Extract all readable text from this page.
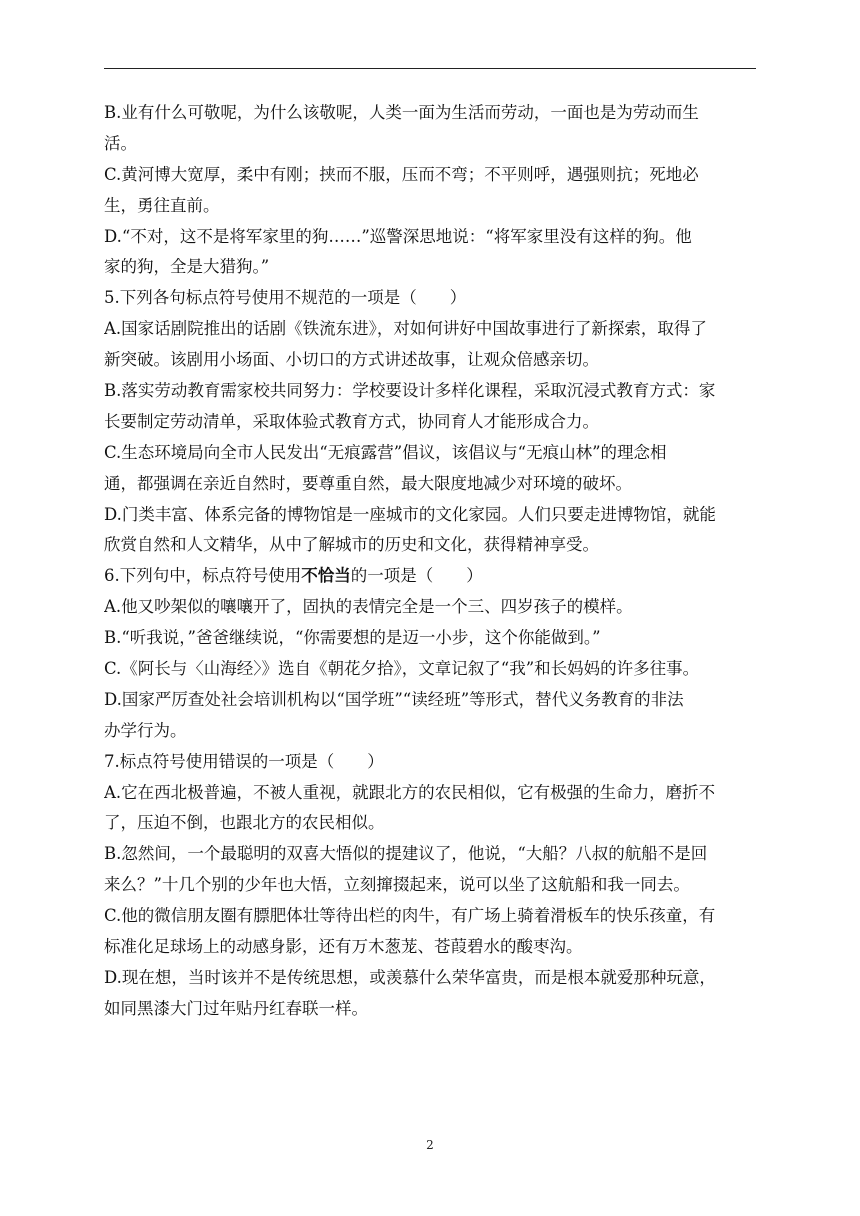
B.业有什么可敬呢，为什么该敬呢，人类一面为生活而劳动，一面也是为劳动而生
活。
C.黄河博大宽厚，柔中有刚；挟而不服，压而不弯；不平则呼，遇强则抗；死地必
生，勇往直前。
D.“不对，这不是将军家里的狗……”巡警深思地说：“将军家里没有这样的狗。他
家的狗，全是大猎狗。”
5.下列各句标点符号使用不规范的一项是（　　）
A.国家话剧院推出的话剧《铁流东进》，对如何讲好中国故事进行了新探索，取得了
新突破。该剧用小场面、小切口的方式讲述故事，让观众倍感亲切。
B.落实劳动教育需家校共同努力：学校要设计多样化课程，采取沉浸式教育方式：家
长要制定劳动清单，采取体验式教育方式，协同育人才能形成合力。
C.生态环境局向全市人民发出“无痕露营”倡议，该倡议与“无痕山林”的理念相
通，都强调在亲近自然时，要尊重自然，最大限度地减少对环境的破坏。
D.门类丰富、体系完备的博物馆是一座城市的文化家园。人们只要走进博物馆，就能
欣赏自然和人文精华，从中了解城市的历史和文化，获得精神享受。
6.下列句中，标点符号使用不恰当的一项是（　　）
A.他又吵架似的嚷嚷开了，固执的表情完全是一个三、四岁孩子的模样。
B.“听我说，”爸爸继续说，“你需要想的是迈一小步，这个你能做到。”
C.《阿长与〈山海经〉》选自《朝花夕拾》，文章记叙了“我”和长妈妈的许多往事。
D.国家严厉查处社会培训机构以“国学班”“读经班”等形式，替代义务教育的非法
办学行为。
7.标点符号使用错误的一项是（　　）
A.它在西北极普遍，不被人重视，就跟北方的农民相似，它有极强的生命力，磨折不
了，压迫不倒，也跟北方的农民相似。
B.忽然间，一个最聪明的双喜大悟似的提建议了，他说，“大船？八叔的航船不是回
来么？”十几个别的少年也大悟，立刻撺掇起来，说可以坐了这航船和我一同去。
C.他的微信朋友圈有膘肥体壮等待出栏的肉牛，有广场上骑着滑板车的快乐孩童，有
标准化足球场上的动感身影，还有万木葱茏、苍葭碧水的酸枣沟。
D.现在想，当时该并不是传统思想，或羡慕什么荣华富贵，而是根本就爱那种玩意，
如同黑漆大门过年贴丹红春联一样。
2
